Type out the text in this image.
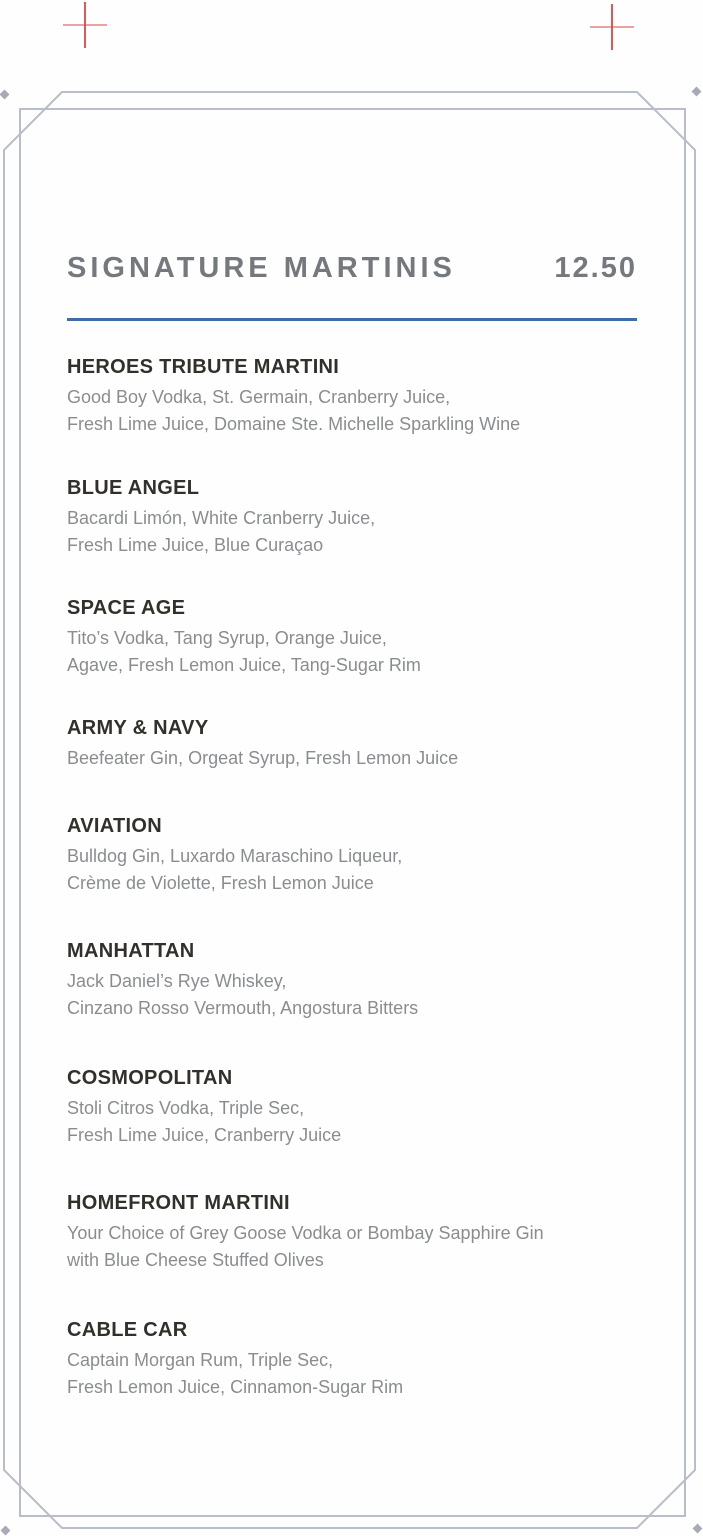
SIGNATURE MARTINIS	12.50
HEROES TRIBUTE MARTINI
Good Boy Vodka, St. Germain, Cranberry Juice,
Fresh Lime Juice, Domaine Ste. Michelle Sparkling Wine
BLUE ANGEL
Bacardi Limón, White Cranberry Juice,
Fresh Lime Juice, Blue Curaçao
SPACE AGE
Tito’s Vodka, Tang Syrup, Orange Juice,
Agave, Fresh Lemon Juice, Tang-Sugar Rim
ARMY & NAVY
Beefeater Gin, Orgeat Syrup, Fresh Lemon Juice
AVIATION
Bulldog Gin, Luxardo Maraschino Liqueur,
Crème de Violette, Fresh Lemon Juice
MANHATTAN
Jack Daniel’s Rye Whiskey,
Cinzano Rosso Vermouth, Angostura Bitters
COSMOPOLITAN
Stoli Citros Vodka, Triple Sec,
Fresh Lime Juice, Cranberry Juice
HOMEFRONT MARTINI
Your Choice of Grey Goose Vodka or Bombay Sapphire Gin
with Blue Cheese Stuffed Olives
CABLE CAR
Captain Morgan Rum, Triple Sec,
Fresh Lemon Juice, Cinnamon-Sugar Rim
